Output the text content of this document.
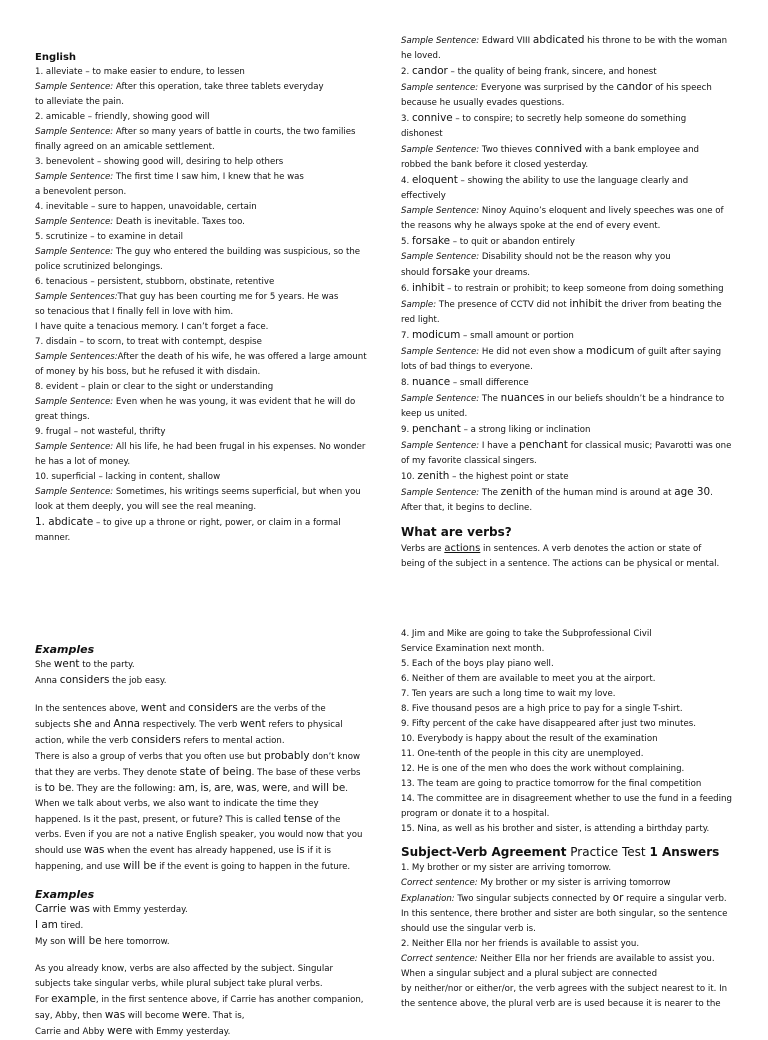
English

1. alleviate – to make easier to endure, to lessen

Sample Sentence: After this operation, take three tablets everyday

to alleviate the pain.

2. amicable – friendly, showing good will

Sample Sentence: After so many years of battle in courts, the two families

finally agreed on an amicable settlement.

3. benevolent – showing good will, desiring to help others

Sample Sentence: The first time I saw him, I knew that he was

a benevolent person.

4. inevitable – sure to happen, unavoidable, certain

Sample Sentence: Death is inevitable. Taxes too.

5. scrutinize – to examine in detail

Sample Sentence: The guy who entered the building was suspicious, so the

police scrutinized belongings.

6. tenacious – persistent, stubborn, obstinate, retentive

Sample Sentences:That guy has been courting me for 5 years. He was

so tenacious that I finally fell in love with him.

I have quite a tenacious memory. I can’t forget a face.

7. disdain – to scorn, to treat with contempt, despise

Sample Sentences:After the death of his wife, he was offered a large amount

of money by his boss, but he refused it with disdain.

8. evident – plain or clear to the sight or understanding

Sample Sentence: Even when he was young, it was evident that he will do

great things.

9. frugal – not wasteful, thrifty

Sample Sentence: All his life, he had been frugal in his expenses. No wonder

he has a lot of money.

10. superficial – lacking in content, shallow

Sample Sentence: Sometimes, his writings seems superficial, but when you

look at them deeply, you will see the real meaning.

1. abdicate – to give up a throne or right, power, or claim in a formal

manner.

Sample Sentence: Edward VIII abdicated his throne to be with the woman

he loved.

2. candor – the quality of being frank, sincere, and honest

Sample sentence: Everyone was surprised by the candor of his speech

because he usually evades questions.

3. connive – to conspire; to secretly help someone do something

dishonest

Sample Sentence: Two thieves connived with a bank employee and

robbed the bank before it closed yesterday.

4. eloquent – showing the ability to use the language clearly and

effectively

Sample Sentence: Ninoy Aquino’s eloquent and lively speeches was one of

the reasons why he always spoke at the end of every event.

5. forsake – to quit or abandon entirely

Sample Sentence: Disability should not be the reason why you

should forsake your dreams.

6. inhibit – to restrain or prohibit; to keep someone from doing something

Sample: The presence of CCTV did not inhibit the driver from beating the

red light.

7. modicum – small amount or portion

Sample Sentence: He did not even show a modicum of guilt after saying

lots of bad things to everyone.

8. nuance – small difference

Sample Sentence: The nuances in our beliefs shouldn’t be a hindrance to

keep us united.

9. penchant – a strong liking or inclination

Sample Sentence: I have a penchant for classical music; Pavarotti was one

of my favorite classical singers.

10. zenith – the highest point or state

Sample Sentence: The zenith of the human mind is around at age 30.

After that, it begins to decline.

What are verbs?

Verbs are actions in sentences. A verb denotes the action or state of

being of the subject in a sentence. The actions can be physical or mental.

Examples

She went to the party.

Anna considers the job easy.

In the sentences above, went and considers are the verbs of the

subjects she and Anna respectively. The verb went refers to physical

action, while the verb considers refers to mental action.

There is also a group of verbs that you often use but probably don’t know

that they are verbs. They denote state of being. The base of these verbs

is to be. They are the following: am, is, are, was, were, and will be.

When we talk about verbs, we also want to indicate the time they

happened. Is it the past, present, or future? This is called tense of the

verbs. Even if you are not a native English speaker, you would now that you

should use was when the event has already happened, use is if it is

happening, and use will be if the event is going to happen in the future.

Examples

Carrie was with Emmy yesterday.

I am tired.

My son will be here tomorrow.

As you already know, verbs are also affected by the subject. Singular

subjects take singular verbs, while plural subject take plural verbs.

For example, in the first sentence above, if Carrie has another companion,

say, Abby, then was will become were. That is,

Carrie and Abby were with Emmy yesterday.

4. Jim and Mike are going to take the Subprofessional Civil

Service Examination next month.

5. Each of the boys play piano well.

6. Neither of them are available to meet you at the airport.

7. Ten years are such a long time to wait my love.

8. Five thousand pesos are a high price to pay for a single T-shirt.

9. Fifty percent of the cake have disappeared after just two minutes.

10. Everybody is happy about the result of the examination

11. One-tenth of the people in this city are unemployed.

12. He is one of the men who does the work without complaining.

13. The team are going to practice tomorrow for the final competition

14. The committee are in disagreement whether to use the fund in a feeding

program or donate it to a hospital.

15. Nina, as well as his brother and sister, is attending a birthday party.

Subject-Verb Agreement Practice Test 1 Answers

1. My brother or my sister are arriving tomorrow.

Correct sentence: My brother or my sister is arriving tomorrow

Explanation: Two singular subjects connected by or require a singular verb.

In this sentence, there brother and sister are both singular, so the sentence

should use the singular verb is.

2. Neither Ella nor her friends is available to assist you.

Correct sentence: Neither Ella nor her friends are available to assist you.

When a singular subject and a plural subject are connected

by neither/nor or either/or, the verb agrees with the subject nearest to it. In

the sentence above, the plural verb are is used because it is nearer to the
